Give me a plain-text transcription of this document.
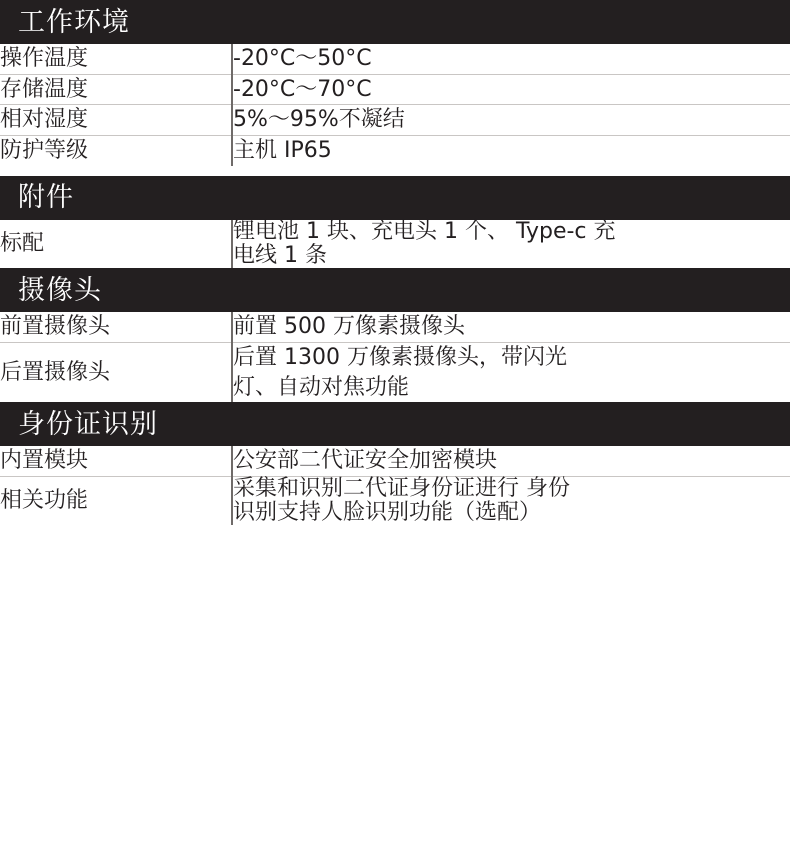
工作环境
操作温度	-20°C～50°C
存储温度	-20°C～70°C
相对湿度	5%～95%不凝结
防护等级	主机 IP65

附件
标配	锂电池 1 块、充电头 1 个、 Type-c 充
电线 1 条
摄像头
前置摄像头	前置 500 万像素摄像头
后置摄像头	后置 1300 万像素摄像头，带闪光
灯、自动对焦功能
身份证识别
内置模块	公安部二代证安全加密模块
相关功能	采集和识别二代证身份证进行 身份
识别支持人脸识别功能（选配）
